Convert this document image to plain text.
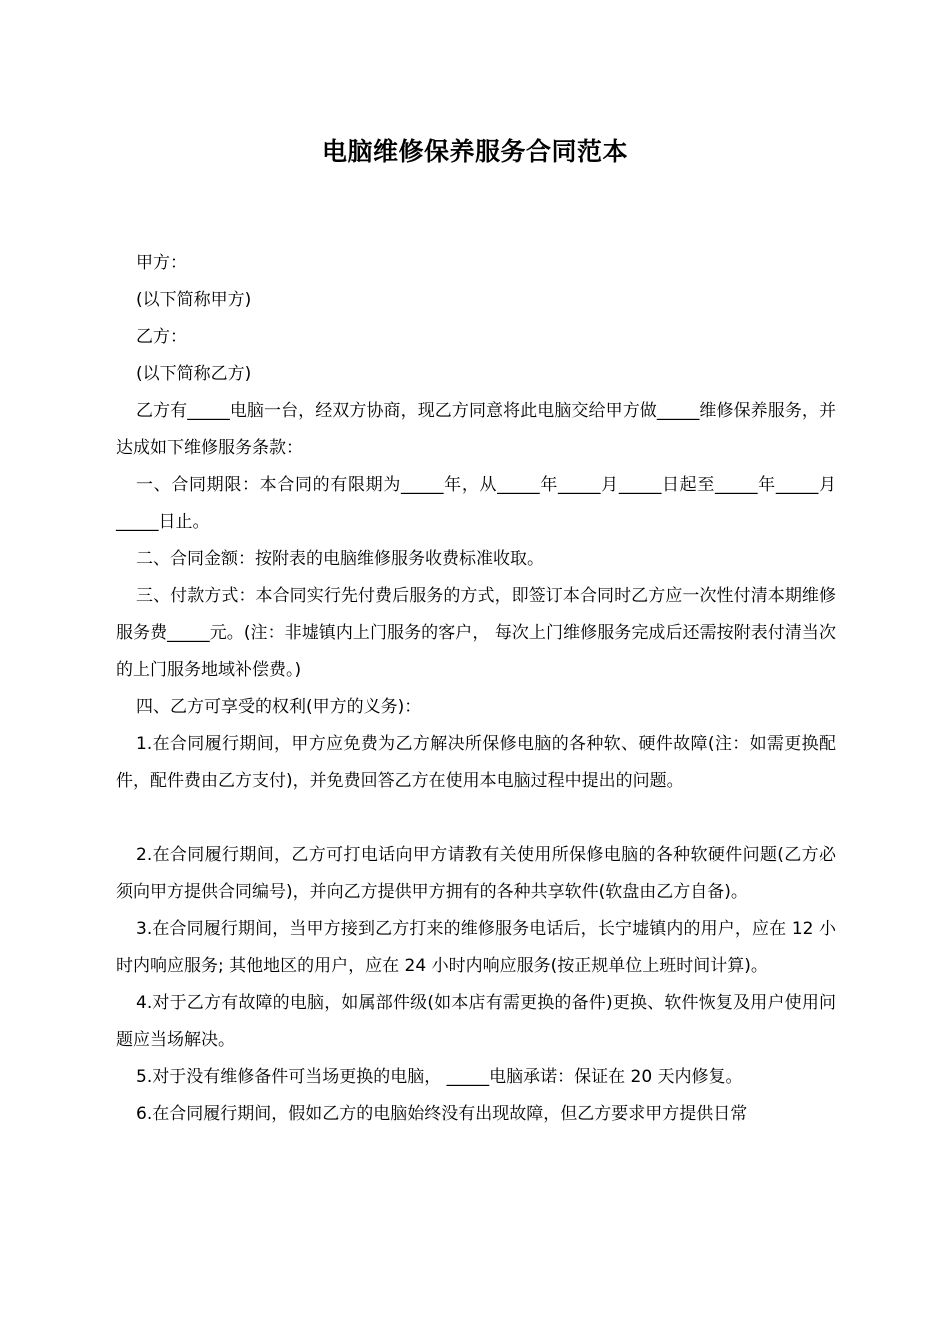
电脑维修保养服务合同范本

甲方：

(以下简称甲方)

乙方：

(以下简称乙方)

乙方有_____电脑一台，经双方协商，现乙方同意将此电脑交给甲方做_____维修保养服务，并达成如下维修服务条款：

一、合同期限：本合同的有限期为_____年，从_____年_____月_____日起至_____年_____月_____日止。

二、合同金额：按附表的电脑维修服务收费标准收取。

三、付款方式：本合同实行先付费后服务的方式，即签订本合同时乙方应一次性付清本期维修服务费_____元。(注：非墟镇内上门服务的客户， 每次上门维修服务完成后还需按附表付清当次的上门服务地域补偿费。)

四、乙方可享受的权利(甲方的义务)：

1.在合同履行期间，甲方应免费为乙方解决所保修电脑的各种软、硬件故障(注：如需更换配件，配件费由乙方支付)，并免费回答乙方在使用本电脑过程中提出的问题。

2.在合同履行期间，乙方可打电话向甲方请教有关使用所保修电脑的各种软硬件问题(乙方必须向甲方提供合同编号)，并向乙方提供甲方拥有的各种共享软件(软盘由乙方自备)。

3.在合同履行期间，当甲方接到乙方打来的维修服务电话后，长宁墟镇内的用户，应在 12 小时内响应服务; 其他地区的用户，应在 24 小时内响应服务(按正规单位上班时间计算)。

4.对于乙方有故障的电脑，如属部件级(如本店有需更换的备件)更换、软件恢复及用户使用问题应当场解决。

5.对于没有维修备件可当场更换的电脑， _____电脑承诺：保证在 20 天内修复。

6.在合同履行期间，假如乙方的电脑始终没有出现故障，但乙方要求甲方提供日常
